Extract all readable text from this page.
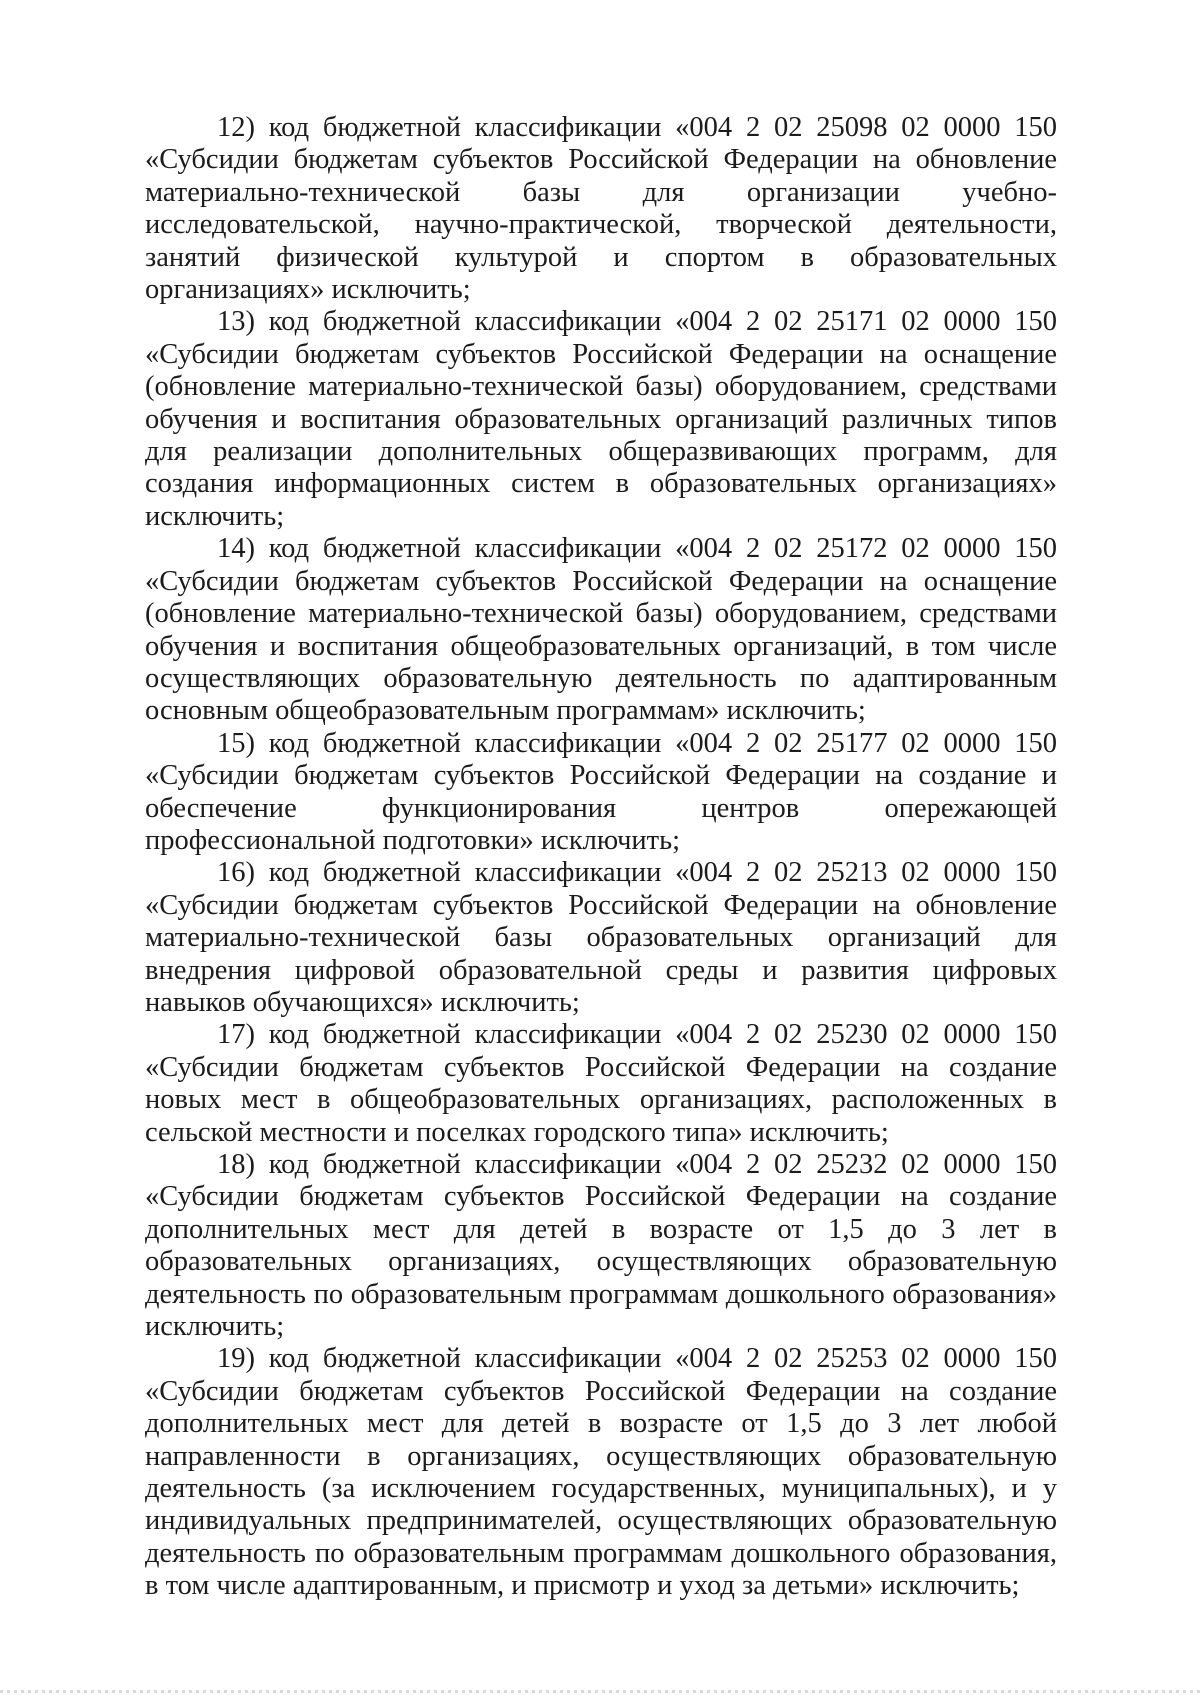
12) код бюджетной классификации «004 2 02 25098 02 0000 150 «Субсидии бюджетам субъектов Российской Федерации на обновление материально-технической базы для организации учебно-исследовательской, научно-практической, творческой деятельности, занятий физической культурой и спортом в образовательных организациях» исключить;

13) код бюджетной классификации «004 2 02 25171 02 0000 150 «Субсидии бюджетам субъектов Российской Федерации на оснащение (обновление материально-технической базы) оборудованием, средствами обучения и воспитания образовательных организаций различных типов для реализации дополнительных общеразвивающих программ, для создания информационных систем в образовательных организациях» исключить;

14) код бюджетной классификации «004 2 02 25172 02 0000 150 «Субсидии бюджетам субъектов Российской Федерации на оснащение (обновление материально-технической базы) оборудованием, средствами обучения и воспитания общеобразовательных организаций, в том числе осуществляющих образовательную деятельность по адаптированным основным общеобразовательным программам» исключить;

15) код бюджетной классификации «004 2 02 25177 02 0000 150 «Субсидии бюджетам субъектов Российской Федерации на создание и обеспечение функционирования центров опережающей профессиональной подготовки» исключить;

16) код бюджетной классификации «004 2 02 25213 02 0000 150 «Субсидии бюджетам субъектов Российской Федерации на обновление материально-технической базы образовательных организаций для внедрения цифровой образовательной среды и развития цифровых навыков обучающихся» исключить;

17) код бюджетной классификации «004 2 02 25230 02 0000 150 «Субсидии бюджетам субъектов Российской Федерации на создание новых мест в общеобразовательных организациях, расположенных в сельской местности и поселках городского типа» исключить;

18) код бюджетной классификации «004 2 02 25232 02 0000 150 «Субсидии бюджетам субъектов Российской Федерации на создание дополнительных мест для детей в возрасте от 1,5 до 3 лет в образовательных организациях, осуществляющих образовательную деятельность по образовательным программам дошкольного образования» исключить;

19) код бюджетной классификации «004 2 02 25253 02 0000 150 «Субсидии бюджетам субъектов Российской Федерации на создание дополнительных мест для детей в возрасте от 1,5 до 3 лет любой направленности в организациях, осуществляющих образовательную деятельность (за исключением государственных, муниципальных), и у индивидуальных предпринимателей, осуществляющих образовательную деятельность по образовательным программам дошкольного образования, в том числе адаптированным, и присмотр и уход за детьми» исключить;
